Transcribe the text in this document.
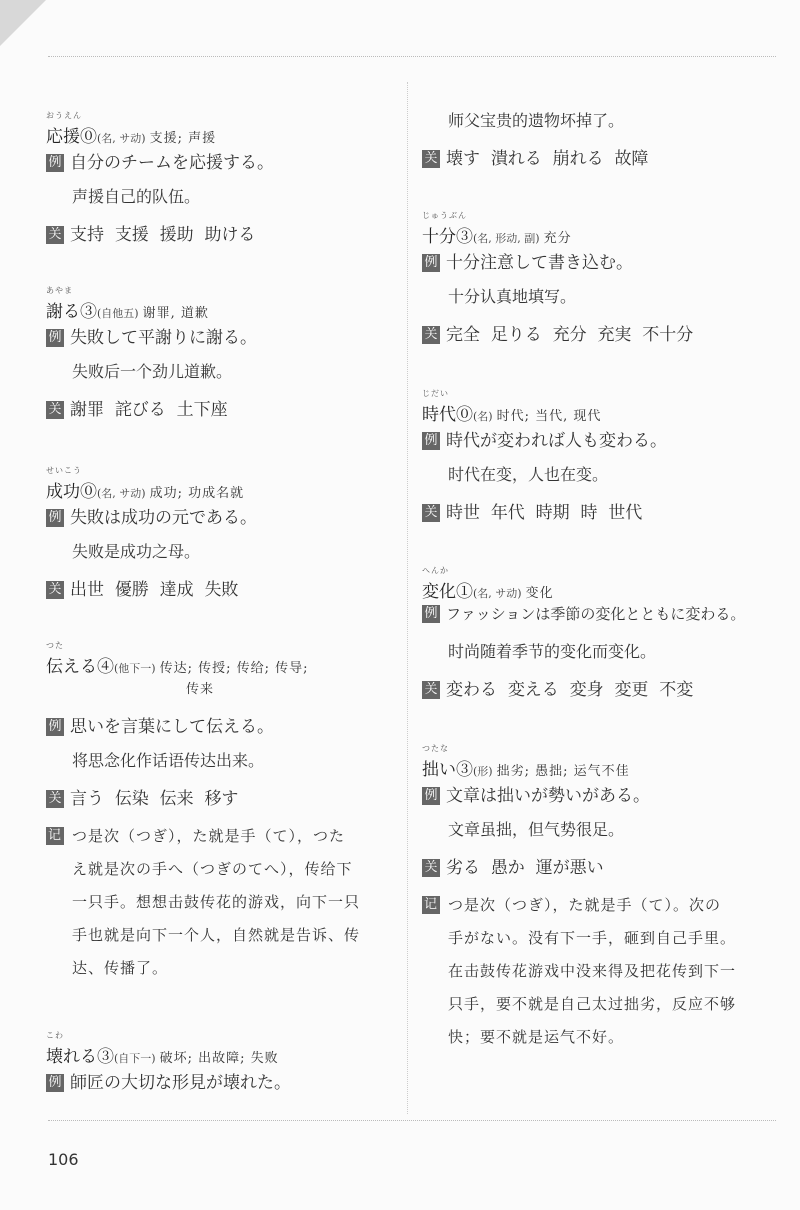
おうえん
応援⓪(名, サ动) 支援; 声援
例 自分のチームを応援する。
声援自己的队伍。
关 支持 支援 援助 助ける
あやま
謝る③(自他五) 谢罪, 道歉
例 失敗して平謝りに謝る。
失败后一个劲儿道歉。
关 謝罪 詫びる 土下座
せいこう
成功⓪(名, サ动) 成功; 功成名就
例 失敗は成功の元である。
失败是成功之母。
关 出世 優勝 達成 失敗
つた
伝える④(他下一) 传达; 传授; 传给; 传导;
传来
例 思いを言葉にして伝える。
将思念化作话语传达出来。
关 言う 伝染 伝来 移す
记 つ是次（つぎ），た就是手（て），つた
え就是次の手へ（つぎのてへ），传给下
一只手。想想击鼓传花的游戏，向下一只
手也就是向下一个人，自然就是告诉、传
达、传播了。
こわ
壊れる③(自下一) 破坏; 出故障; 失败
例 師匠の大切な形見が壊れた。
师父宝贵的遗物坏掉了。
关 壊す 潰れる 崩れる 故障
じゅうぶん
十分③(名, 形动, 副) 充分
例 十分注意して書き込む。
十分认真地填写。
关 完全 足りる 充分 充実 不十分
じだい
時代⓪(名) 时代; 当代, 现代
例 時代が変われば人も変わる。
时代在变，人也在变。
关 時世 年代 時期 時 世代
へんか
変化①(名, サ动) 变化
例 ファッションは季節の変化とともに変わる。
时尚随着季节的变化而变化。
关 変わる 変える 変身 変更 不変
つたな
拙い③(形) 拙劣; 愚拙; 运气不佳
例 文章は拙いが勢いがある。
文章虽拙，但气势很足。
关 劣る 愚か 運が悪い
记 つ是次（つぎ），た就是手（て）。次の
手がない。没有下一手，砸到自己手里。
在击鼓传花游戏中没来得及把花传到下一
只手，要不就是自己太过拙劣，反应不够
快；要不就是运气不好。
106
